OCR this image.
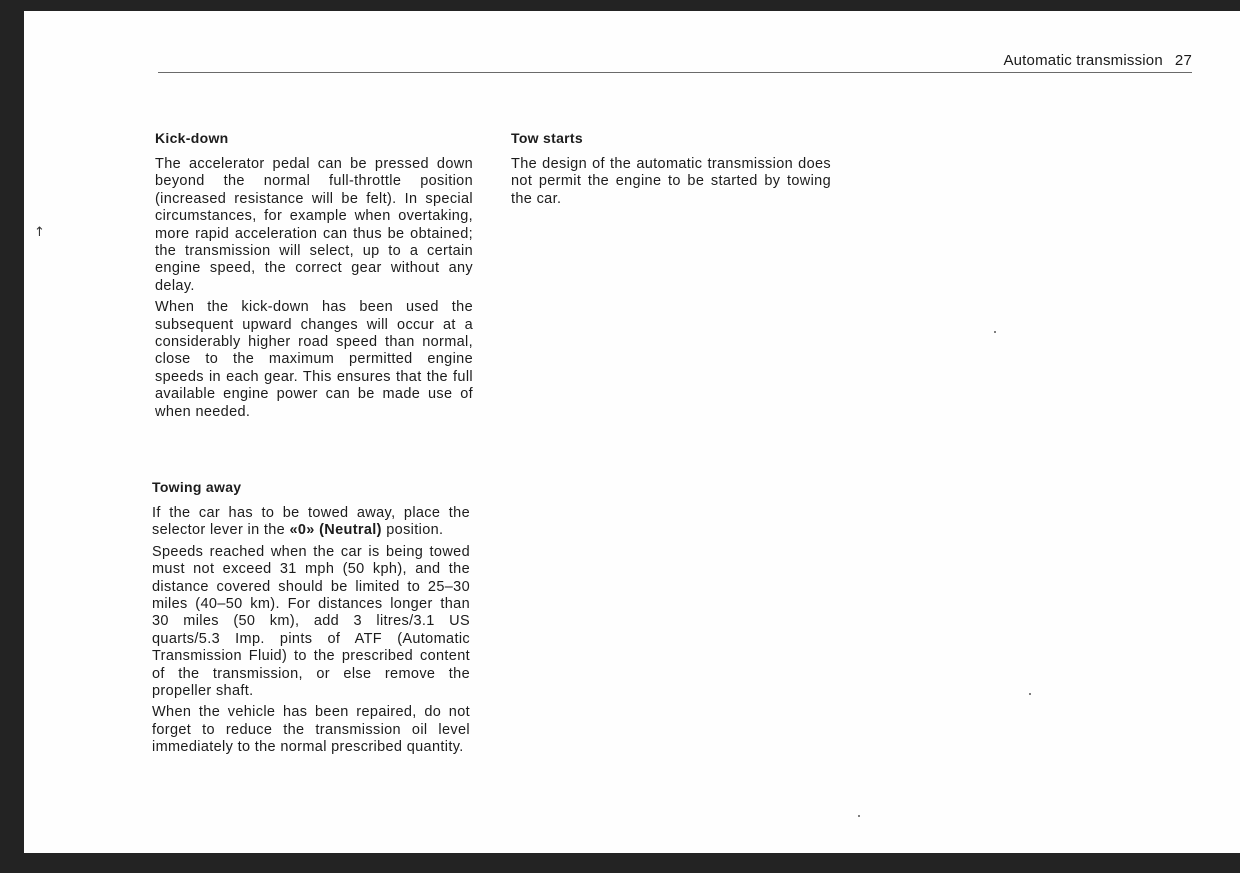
Automatic transmission 27
Kick-down

The accelerator pedal can be pressed down beyond the normal full-throttle position (increased resistance will be felt). In special circumstances, for example when overtaking, more rapid acceleration can thus be obtained; the transmission will select, up to a certain engine speed, the correct gear without any delay.

When the kick-down has been used the subsequent upward changes will occur at a considerably higher road speed than normal, close to the maximum permitted engine speeds in each gear. This ensures that the full available engine power can be made use of when needed.

Towing away

If the car has to be towed away, place the selector lever in the «0» (Neutral) position.

Speeds reached when the car is being towed must not exceed 31 mph (50 kph), and the distance covered should be limited to 25–30 miles (40–50 km). For distances longer than 30 miles (50 km), add 3 litres/3.1 US quarts/5.3 Imp. pints of ATF (Automatic Transmission Fluid) to the prescribed content of the transmission, or else remove the propeller shaft.

When the vehicle has been repaired, do not forget to reduce the transmission oil level immediately to the normal prescribed quantity.

Tow starts

The design of the automatic transmission does not permit the engine to be started by towing the car.

↑
